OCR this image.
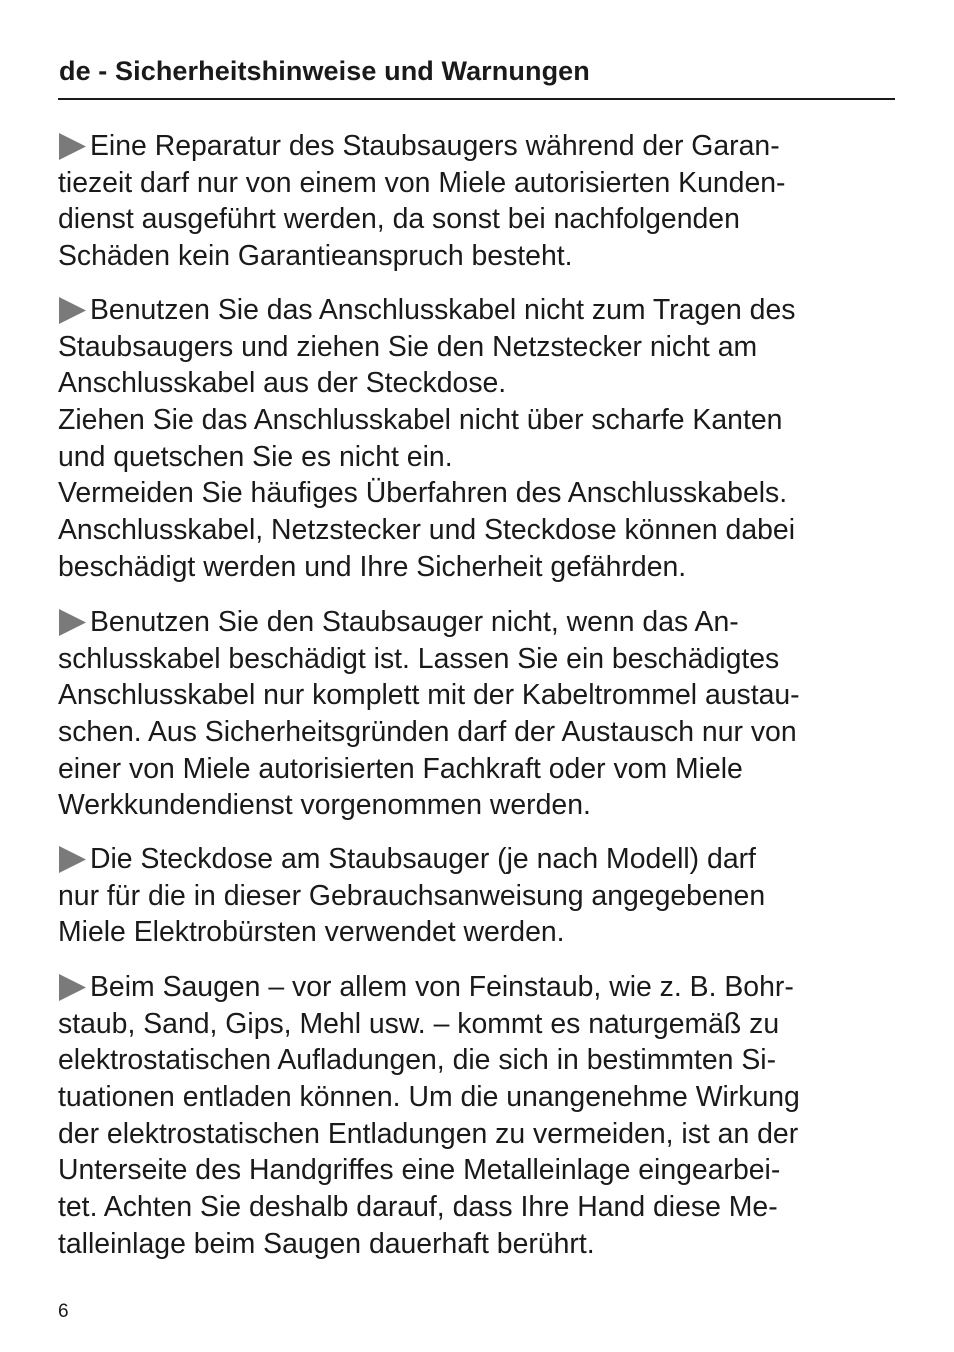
de - Sicherheitshinweise und Warnungen
Eine Reparatur des Staubsaugers während der Garan-
tiezeit darf nur von einem von Miele autorisierten Kunden-
dienst ausgeführt werden, da sonst bei nachfolgenden
Schäden kein Garantieanspruch besteht.
Benutzen Sie das Anschlusskabel nicht zum Tragen des
Staubsaugers und ziehen Sie den Netzstecker nicht am
Anschlusskabel aus der Steckdose.
Ziehen Sie das Anschlusskabel nicht über scharfe Kanten
und quetschen Sie es nicht ein.
Vermeiden Sie häufiges Überfahren des Anschlusskabels.
Anschlusskabel, Netzstecker und Steckdose können dabei
beschädigt werden und Ihre Sicherheit gefährden.
Benutzen Sie den Staubsauger nicht, wenn das An-
schlusskabel beschädigt ist. Lassen Sie ein beschädigtes
Anschlusskabel nur komplett mit der Kabeltrommel austau-
schen. Aus Sicherheitsgründen darf der Austausch nur von
einer von Miele autorisierten Fachkraft oder vom Miele
Werkkundendienst vorgenommen werden.
Die Steckdose am Staubsauger (je nach Modell) darf
nur für die in dieser Gebrauchsanweisung angegebenen
Miele Elektrobürsten verwendet werden.
Beim Saugen – vor allem von Feinstaub, wie z. B. Bohr-
staub, Sand, Gips, Mehl usw. – kommt es naturgemäß zu
elektrostatischen Aufladungen, die sich in bestimmten Si-
tuationen entladen können. Um die unangenehme Wirkung
der elektrostatischen Entladungen zu vermeiden, ist an der
Unterseite des Handgriffes eine Metalleinlage eingearbei-
tet. Achten Sie deshalb darauf, dass Ihre Hand diese Me-
talleinlage beim Saugen dauerhaft berührt.
6
